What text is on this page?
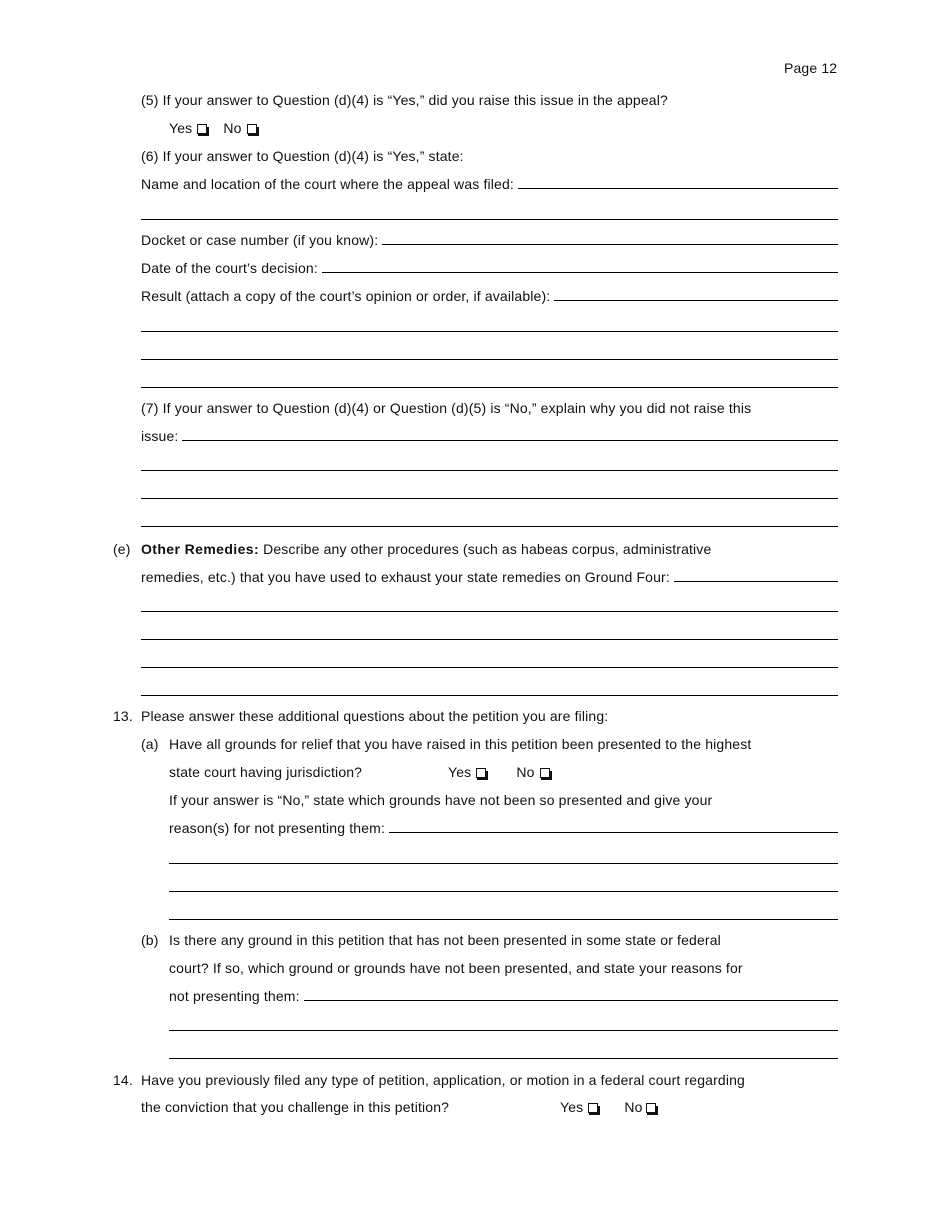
Page 12
(5) If your answer to Question (d)(4) is “Yes,” did you raise this issue in the appeal?
Yes No
(6) If your answer to Question (d)(4) is “Yes,” state:
Name and location of the court where the appeal was filed:
Docket or case number (if you know):
Date of the court’s decision:
Result (attach a copy of the court’s opinion or order, if available):
(7) If your answer to Question (d)(4) or Question (d)(5) is “No,” explain why you did not raise this
issue:
(e) Other Remedies: Describe any other procedures (such as habeas corpus, administrative
remedies, etc.) that you have used to exhaust your state remedies on Ground Four:
13. Please answer these additional questions about the petition you are filing:
(a) Have all grounds for relief that you have raised in this petition been presented to the highest
state court having jurisdiction?	Yes	No
If your answer is “No,” state which grounds have not been so presented and give your
reason(s) for not presenting them:
(b) Is there any ground in this petition that has not been presented in some state or federal
court? If so, which ground or grounds have not been presented, and state your reasons for
not presenting them:
14. Have you previously filed any type of petition, application, or motion in a federal court regarding
the conviction that you challenge in this petition?	Yes	No
